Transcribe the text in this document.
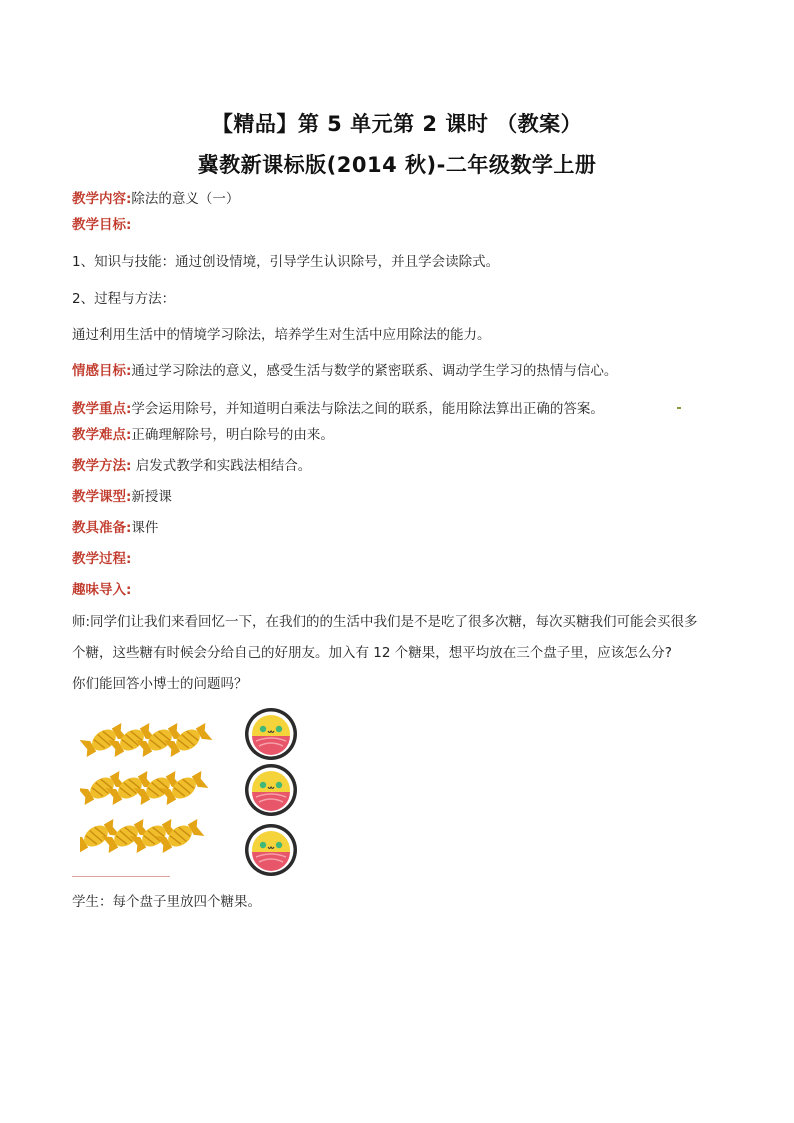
【精品】第 5 单元第 2 课时 （教案）
冀教新课标版(2014 秋)-二年级数学上册
教学内容:除法的意义（一）
教学目标:
1、知识与技能：通过创设情境，引导学生认识除号，并且学会读除式。
2、过程与方法：
通过利用生活中的情境学习除法，培养学生对生活中应用除法的能力。
情感目标:通过学习除法的意义，感受生活与数学的紧密联系、调动学生学习的热情与信心。
教学重点:学会运用除号，并知道明白乘法与除法之间的联系，能用除法算出正确的答案。
教学难点:正确理解除号，明白除号的由来。
教学方法: 启发式教学和实践法相结合。
教学课型:新授课
教具准备:课件
教学过程:
趣味导入:
师:同学们让我们来看回忆一下，在我们的的生活中我们是不是吃了很多次糖，每次买糖我们可能会买很多
个糖，这些糖有时候会分给自己的好朋友。加入有 12 个糖果，想平均放在三个盘子里，应该怎么分?
你们能回答小博士的问题吗？
学生：每个盘子里放四个糖果。
